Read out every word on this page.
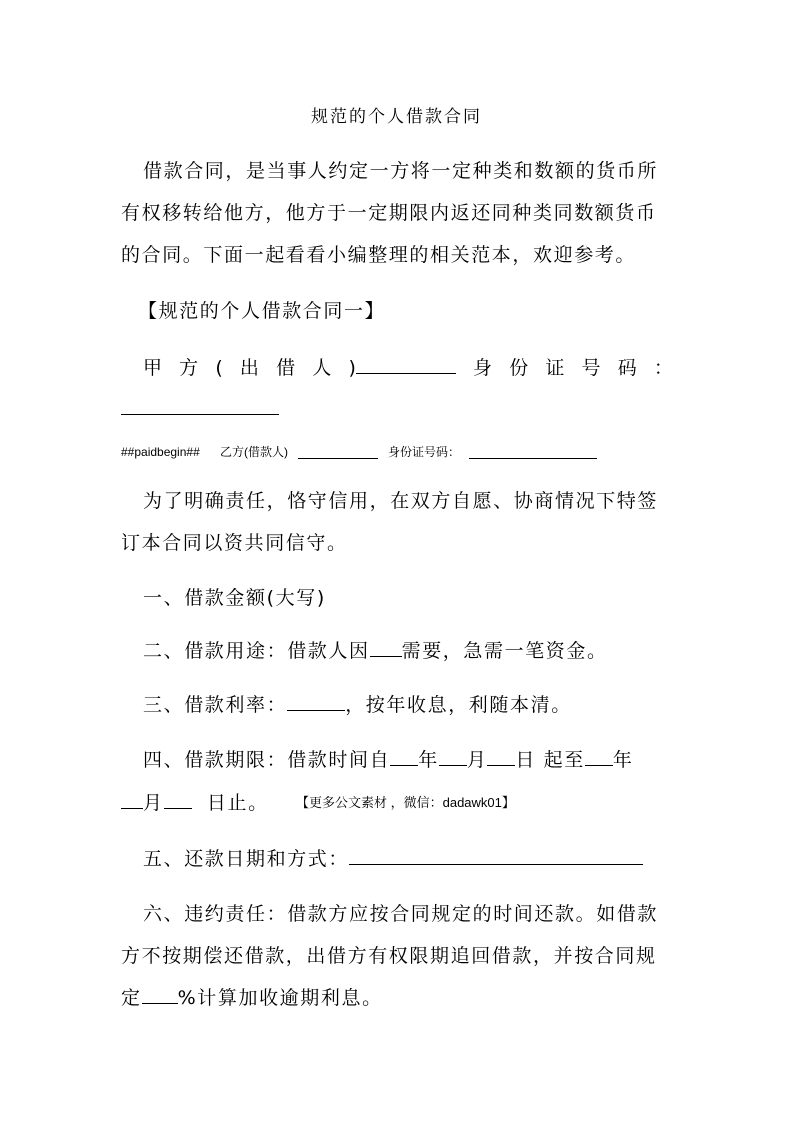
规范的个人借款合同
借款合同，是当事人约定一方将一定种类和数额的货币所
有权移转给他方，他方于一定期限内返还同种类同数额货币
的合同。下面一起看看小编整理的相关范本，欢迎参考。
【规范的个人借款合同一】
甲 方 ( 出 借 人 )	身 份 证 号 码 ：
##paidbegin## 乙方(借款人)	身份证号码：
为了明确责任，恪守信用，在双方自愿、协商情况下特签
订本合同以资共同信守。
一、借款金额(大写)
二、借款用途：借款人因 需要，急需一笔资金。
三、借款利率：	，按年收息，利随本清。
四、借款期限：借款时间自 年 月 日 起至 年
月 日止。 【更多公文素材 ，微信：dadawk01】
五、还款日期和方式：
六、违约责任：借款方应按合同规定的时间还款。如借款
方不按期偿还借款，出借方有权限期追回借款，并按合同规
定 %计算加收逾期利息。
